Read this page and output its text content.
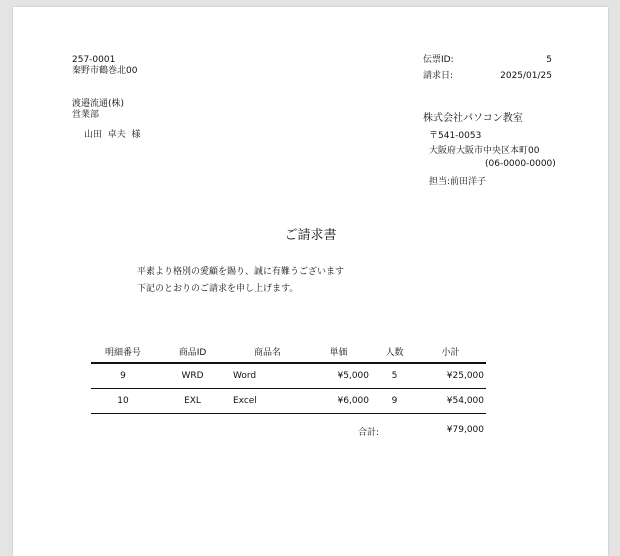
257-0001
秦野市鶴巻北00
渡邉流通(株)
営業部
山田  卓夫  様
伝票ID:	5
請求日:	2025/01/25
株式会社パソコン教室
〒541-0053
大阪府大阪市中央区本町00
(06-0000-0000)
担当:前田洋子
ご請求書
平素より格別の愛顧を賜り、誠に有難うございます
下記のとおりのご請求を申し上げます。
明細番号	商品ID	商品名	単価	人数	小計
9	WRD	Word	¥5,000	5	¥25,000
10	EXL	Excel	¥6,000	9	¥54,000
合計:	¥79,000
